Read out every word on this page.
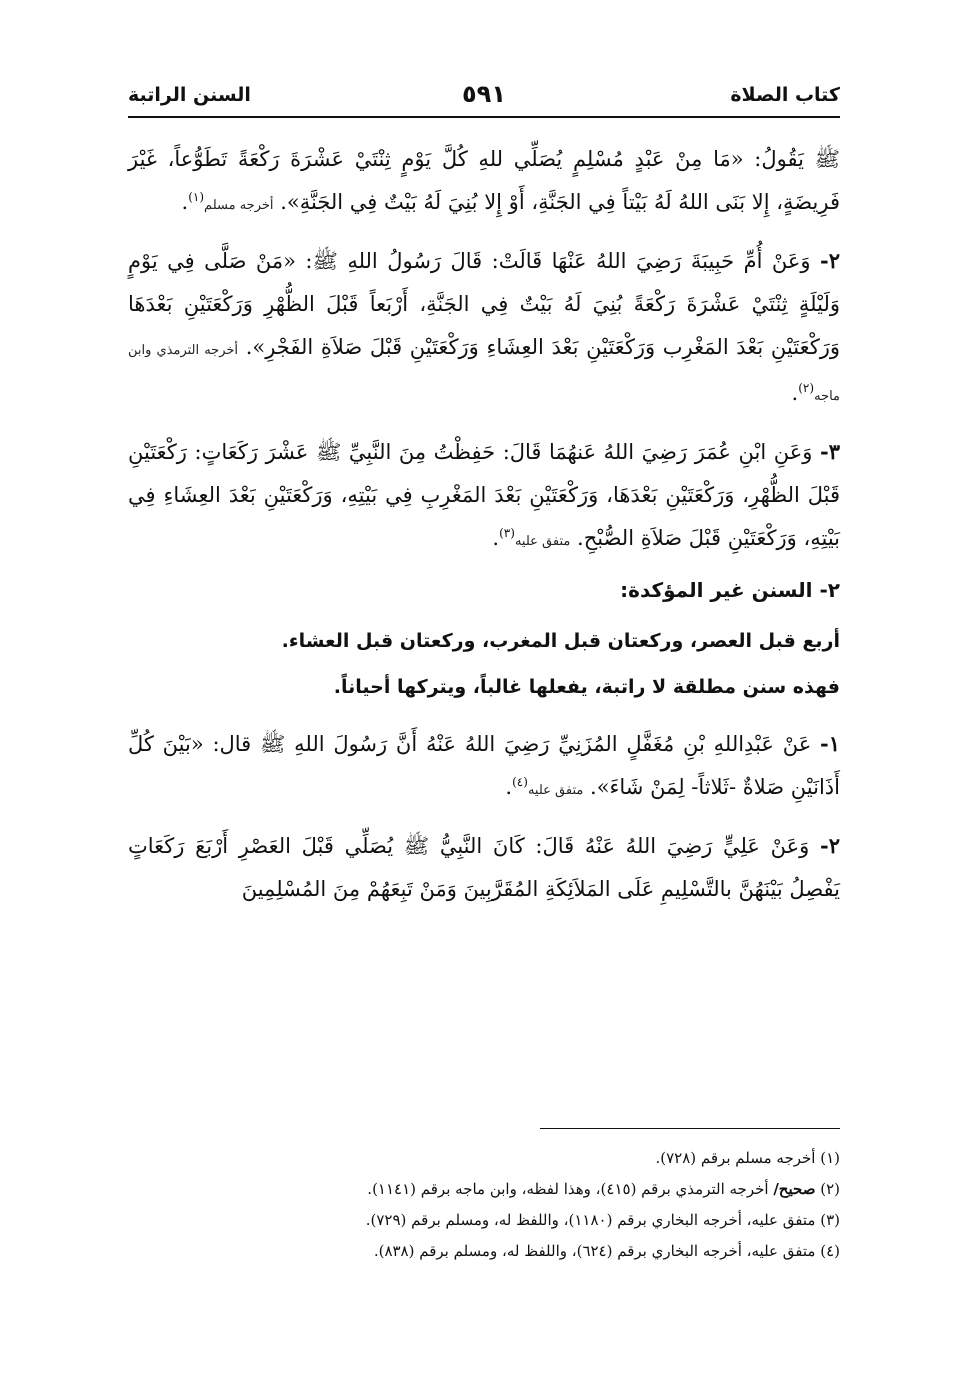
كتاب الصلاة
٥٩١
السنن الراتبة

ﷺ يَقُولُ: «مَا مِنْ عَبْدٍ مُسْلِمٍ يُصَلِّي للهِ كُلَّ يَوْمٍ ثِنْتَيْ عَشْرَةَ رَكْعَةً تَطَوُّعاً، غَيْرَ فَرِيضَةٍ، إِلا بَنَى اللهُ لَهُ بَيْتاً فِي الجَنَّةِ، أَوْ إِلا بُنِيَ لَهُ بَيْتٌ فِي الجَنَّةِ». أخرجه مسلم$^{(١)}$.

٢- وَعَنْ أُمِّ حَبِيبَةَ رَضِيَ اللهُ عَنْهَا قَالَتْ: قَالَ رَسُولُ اللهِ ﷺ: «مَنْ صَلَّى فِي يَوْمٍ وَلَيْلَةٍ ثِنْتَيْ عَشْرَةَ رَكْعَةً بُنِيَ لَهُ بَيْتٌ فِي الجَنَّةِ، أَرْبَعاً قَبْلَ الظُّهْرِ وَرَكْعَتَيْنِ بَعْدَهَا وَرَكْعَتَيْنِ بَعْدَ المَغْرِب وَرَكْعَتَيْنِ بَعْدَ العِشَاءِ وَرَكْعَتَيْنِ قَبْلَ صَلاَةِ الفَجْرِ». أخرجه الترمذي وابن ماجه$^{(٢)}$.

٣- وَعَنِ ابْنِ عُمَرَ رَضِيَ اللهُ عَنهُمَا قَالَ: حَفِظْتُ مِنَ النَّبِيِّ ﷺ عَشْرَ رَكَعَاتٍ: رَكْعَتَيْنِ قَبْلَ الظُّهْرِ، وَرَكْعَتَيْنِ بَعْدَهَا، وَرَكْعَتَيْنِ بَعْدَ المَغْرِبِ فِي بَيْتِهِ، وَرَكْعَتَيْنِ بَعْدَ العِشَاءِ فِي بَيْتِهِ، وَرَكْعَتَيْنِ قَبْلَ صَلاَةِ الصُّبْحِ. متفق عليه$^{(٣)}$.

٢- السنن غير المؤكدة:

أربع قبل العصر، وركعتان قبل المغرب، وركعتان قبل العشاء.

فهذه سنن مطلقة لا راتبة، يفعلها غالباً، ويتركها أحياناً.

١- عَنْ عَبْدِاللهِ بْنِ مُغَفَّلٍ المُزَنِيِّ رَضِيَ اللهُ عَنْهُ أَنَّ رَسُولَ اللهِ ﷺ قال: «بَيْنَ كُلِّ أَذَانَيْنِ صَلاةٌ -ثَلاثاً- لِمَنْ شَاءَ». متفق عليه$^{(٤)}$.

٢- وَعَنْ عَلِيٍّ رَضِيَ اللهُ عَنْهُ قَالَ: كَانَ النَّبِيُّ ﷺ يُصَلِّي قَبْلَ العَصْرِ أَرْبَعَ رَكَعَاتٍ يَفْصِلُ بَيْنَهُنَّ بالتَّسْلِيمِ عَلَى المَلاَئِكَةِ المُقَرَّبِينَ وَمَنْ تَبِعَهُمْ مِنَ المُسْلِمِينَ

(١) أخرجه مسلم برقم (٧٢٨).

(٢) صحيح/ أخرجه الترمذي برقم (٤١٥)، وهذا لفظه، وابن ماجه برقم (١١٤١).

(٣) متفق عليه، أخرجه البخاري برقم (١١٨٠)، واللفظ له، ومسلم برقم (٧٢٩).

(٤) متفق عليه، أخرجه البخاري برقم (٦٢٤)، واللفظ له، ومسلم برقم (٨٣٨).
